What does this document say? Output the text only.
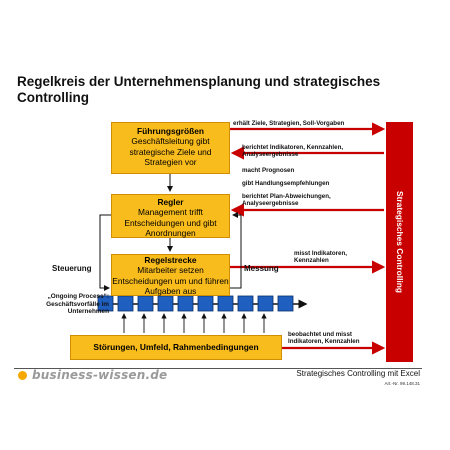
Regelkreis der Unternehmensplanung und strategisches Controlling
Führungsgrößen
Geschäftsleitung gibt strategische Ziele und Strategien vor
Regler
Management trifft Entscheidungen und gibt Anordnungen
Regelstrecke
Mitarbeiter setzen Entscheidungen um und führen Aufgaben aus
Störungen, Umfeld, Rahmenbedingungen
Strategisches Controlling
erhält Ziele, Strategien, Soll-Vorgaben
berichtet Indikatoren, Kennzahlen, Analyseergebnisse
macht Prognosen
gibt Handlungsempfehlungen
berichtet Plan-Abweichungen, Analyseergebnisse
misst Indikatoren, Kennzahlen
beobachtet und misst Indikatoren, Kennzahlen
Steuerung	Messung
„Ongoing Process“: Geschäftsvorfälle im Unternehmen
business-wissen.de	Strategisches Controlling mit Excel
Art.-Nr. 99.148.31
